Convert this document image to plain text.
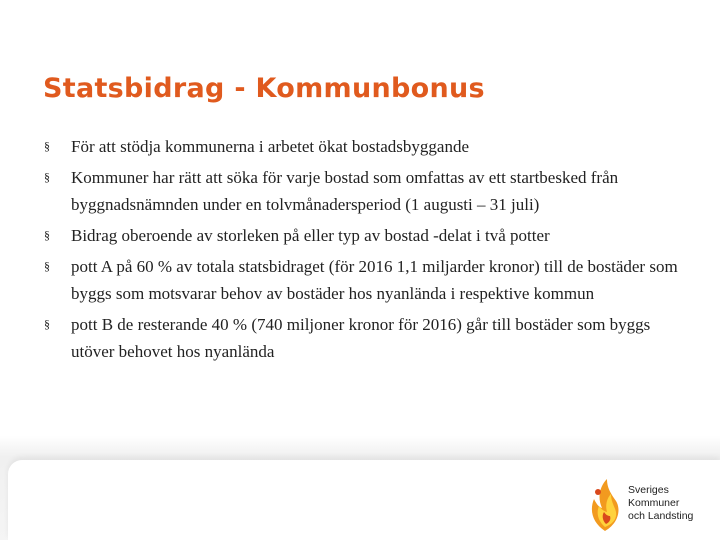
Statsbidrag - Kommunbonus
§ För att stödja kommunerna i arbetet ökat bostadsbyggande
§ Kommuner har rätt att söka för varje bostad som omfattas av ett startbesked från byggnadsnämnden under en tolvmånadersperiod (1 augusti – 31 juli)
§ Bidrag oberoende av storleken på eller typ av bostad -delat i två potter
§ pott A på 60 % av totala statsbidraget (för 2016 1,1 miljarder kronor) till de bostäder som byggs som motsvarar behov av bostäder hos nyanlända i respektive kommun
§ pott B de resterande 40 % (740 miljoner kronor för 2016) går till bostäder som byggs utöver behovet hos nyanlända
Sveriges
Kommuner
och Landsting
